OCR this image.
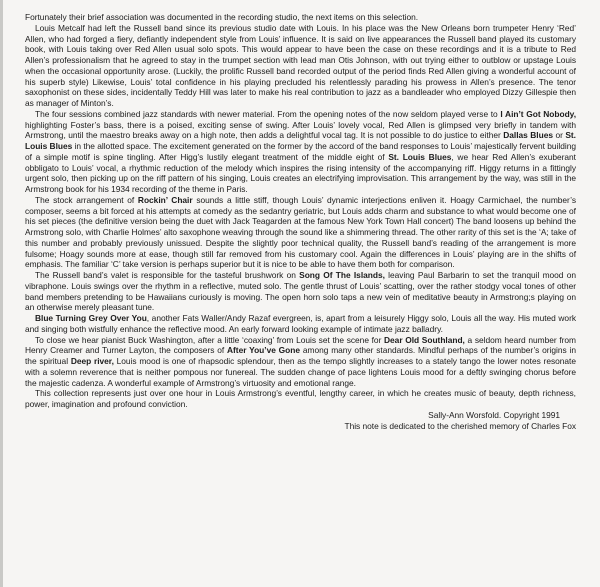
Fortunately their brief association was documented in the recording studio, the next items on this selection.

Louis Metcalf had left the Russell band since its previous studio date with Louis. In his place was the New Orleans born trumpeter Henry ‘Red’ Allen, who had forged a fiery, defiantly independent style from Louis’ influence. It is said on live appearances the Russell band played its customary book, with Louis taking over Red Allen usual solo spots. This would appear to have been the case on these recordings and it is a tribute to Red Allen’s professionalism that he agreed to stay in the trumpet section with lead man Otis Johnson, with out trying either to outblow or upstage Louis when the occasional opportunity arose. (Luckily, the prolific Russell band recorded output of the period finds Red Allen giving a wonderful account of his superb style) Likewise, Louis’ total confidence in his playing precluded his relentlessly parading his prowess in Allen’s presence. The tenor saxophonist on these sides, incidentally Teddy Hill was later to make his real contribution to jazz as a bandleader who employed Dizzy Gillespie then as manager of Minton’s.

The four sessions combined jazz standards with newer material. From the opening notes of the now seldom played verse to I Ain’t Got Nobody, highlighting Foster’s bass, there is a poised, exciting sense of swing. After Louis’ lovely vocal, Red Allen is glimpsed very briefly in tandem with Armstrong, until the maestro breaks away on a high note, then adds a delightful vocal tag. It is not possible to do justice to either Dallas Blues or St. Louis Blues in the allotted space. The excitement generated on the former by the accord of the band responses to Louis’ majestically fervent building of a simple motif is spine tingling. After Higg’s lustily elegant treatment of the middle eight of St. Louis Blues, we hear Red Allen’s exuberant obbligato to Louis’ vocal, a rhythmic reduction of the melody which inspires the rising intensity of the accompanying riff. Higgy returns in a fittingly urgent solo, then picking up on the riff pattern of his singing, Louis creates an electrifying improvisation. This arrangement by the way, was still in the Armstrong book for his 1934 recording of the theme in Paris.

The stock arrangement of Rockin’ Chair sounds a little stiff, though Louis’ dynamic interjections enliven it. Hoagy Carmichael, the number’s composer, seems a bit forced at his attempts at comedy as the sedantry geriatric, but Louis adds charm and substance to what would become one of his set pieces (the definitive version being the duet with Jack Teagarden at the famous New York Town Hall concert) The band loosens up behind the Armstrong solo, with Charlie Holmes’ alto saxophone weaving through the sound like a shimmering thread. The other rarity of this set is the ‘A; take of this number and probably previously unissued. Despite the slightly poor technical quality, the Russell band’s reading of the arrangement is more fulsome; Hoagy sounds more at ease, though still far removed from his customary cool. Again the differences in Louis’ playing are in the shifts of emphasis. The familiar ‘C’ take version is perhaps superior but it is nice to be able to have them both for comparison.

The Russell band’s valet is responsible for the tasteful brushwork on Song Of The Islands, leaving Paul Barbarin to set the tranquil mood on vibraphone. Louis swings over the rhythm in a reflective, muted solo. The gentle thrust of Louis’ scatting, over the rather stodgy vocal tones of other band members pretending to be Hawaiians curiously is moving. The open horn solo taps a new vein of meditative beauty in Armstrong;s playing on an otherwise merely pleasant tune.

Blue Turning Grey Over You, another Fats Waller/Andy Razaf evergreen, is, apart from a leisurely Higgy solo, Louis all the way. His muted work and singing both wistfully enhance the reflective mood. An early forward looking example of intimate jazz balladry.

To close we hear pianist Buck Washington, after a little ‘coaxing’ from Louis set the scene for Dear Old Southland, a seldom heard number from Henry Creamer and Turner Layton, the composers of After You’ve Gone among many other standards. Mindful perhaps of the number’s origins in the spiritual Deep river, Louis mood is one of rhapsodic splendour, then as the tempo slightly increases to a stately tango the lower notes resonate with a solemn reverence that is neither pompous nor funereal. The sudden change of pace lightens Louis mood for a deftly swinging chorus before the majestic cadenza. A wonderful example of Armstrong’s virtuosity and emotional range.

This collection represents just over one hour in Louis Armstrong’s eventful, lengthy career, in which he creates music of beauty, depth richness, power, imagination and profound conviction.

Sally-Ann Worsfold. Copyright 1991

This note is dedicated to the cherished memory of Charles Fox
